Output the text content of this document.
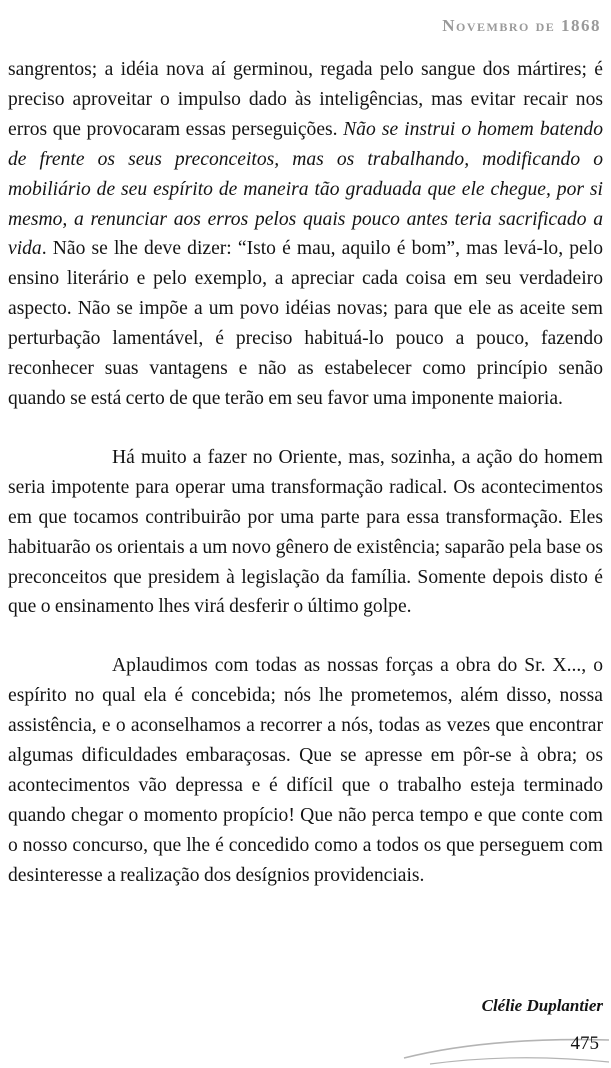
Novembro de 1868

sangrentos; a idéia nova aí germinou, regada pelo sangue dos mártires; é preciso aproveitar o impulso dado às inteligências, mas evitar recair nos erros que provocaram essas perseguições. Não se instrui o homem batendo de frente os seus preconceitos, mas os trabalhando, modificando o mobiliário de seu espírito de maneira tão graduada que ele chegue, por si mesmo, a renunciar aos erros pelos quais pouco antes teria sacrificado a vida. Não se lhe deve dizer: “Isto é mau, aquilo é bom”, mas levá-lo, pelo ensino literário e pelo exemplo, a apreciar cada coisa em seu verdadeiro aspecto. Não se impõe a um povo idéias novas; para que ele as aceite sem perturbação lamentável, é preciso habituá-lo pouco a pouco, fazendo reconhecer suas vantagens e não as estabelecer como princípio senão quando se está certo de que terão em seu favor uma imponente maioria.

Há muito a fazer no Oriente, mas, sozinha, a ação do homem seria impotente para operar uma transformação radical. Os acontecimentos em que tocamos contribuirão por uma parte para essa transformação. Eles habituarão os orientais a um novo gênero de existência; saparão pela base os preconceitos que presidem à legislação da família. Somente depois disto é que o ensinamento lhes virá desferir o último golpe.

Aplaudimos com todas as nossas forças a obra do Sr. X..., o espírito no qual ela é concebida; nós lhe prometemos, além disso, nossa assistência, e o aconselhamos a recorrer a nós, todas as vezes que encontrar algumas dificuldades embaraçosas. Que se apresse em pôr-se à obra; os acontecimentos vão depressa e é difícil que o trabalho esteja terminado quando chegar o momento propício! Que não perca tempo e que conte com o nosso concurso, que lhe é concedido como a todos os que perseguem com desinteresse a realização dos desígnios providenciais.

Clélie Duplantier
475
